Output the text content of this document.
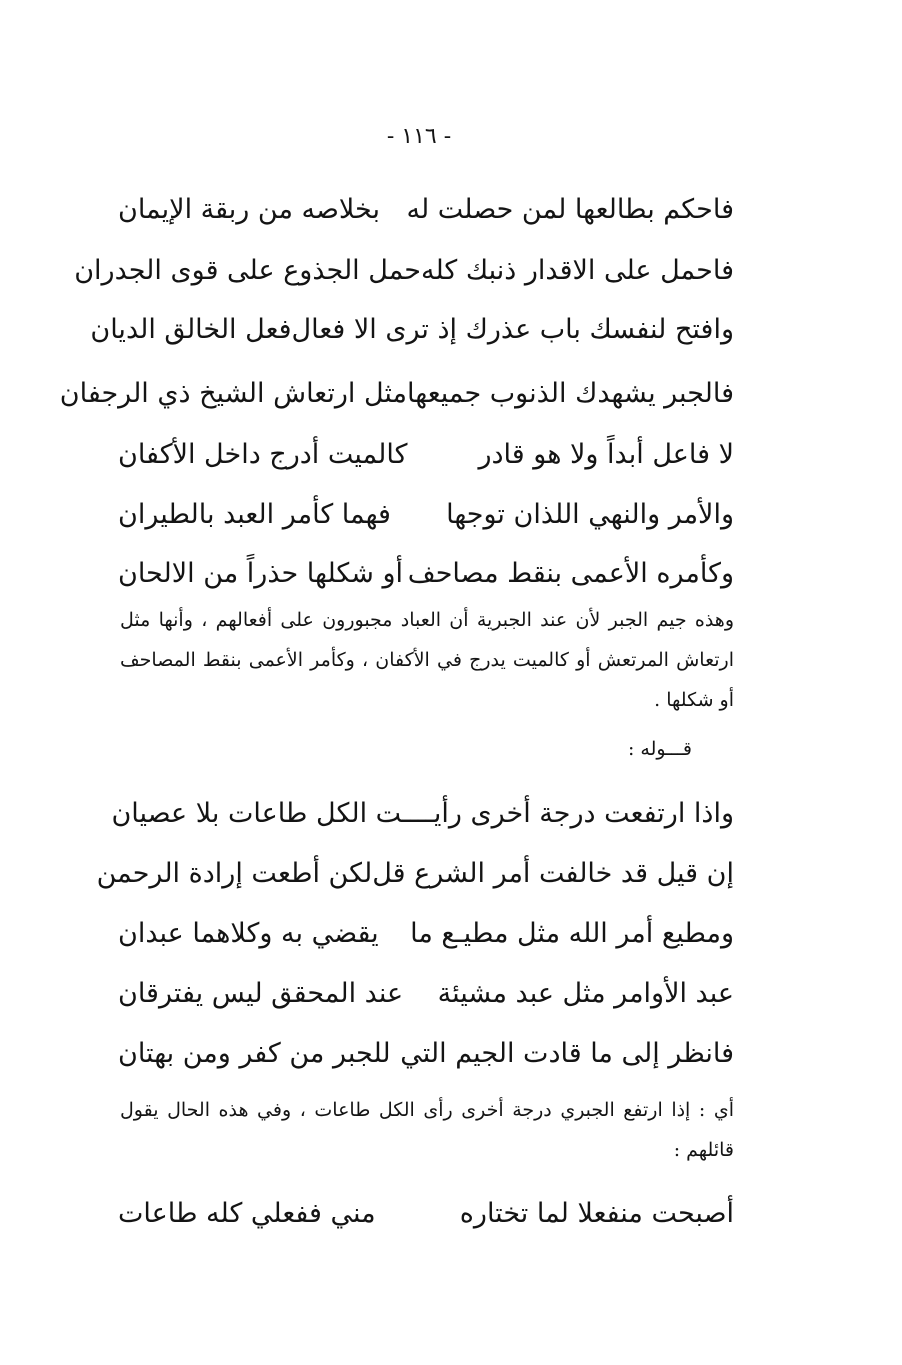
- ١١٦ -
فاحكم بطالعها لمن حصلت له
بخلاصه من ربقة الإيمان
فاحمل على الاقدار ذنبك كله
حمل الجذوع على قوى الجدران
وافتح لنفسك باب عذرك إذ ترى الا فعال
فعل الخالق الديان
فالجبر يشهدك الذنوب جميعها
مثل ارتعاش الشيخ ذي الرجفان
لا فاعل أبداً ولا هو قادر
كالميت أدرج داخل الأكفان
والأمر والنهي اللذان توجها
فهما كأمر العبد بالطيران
وكأمره الأعمى بنقط مصاحف
أو شكلها حذراً من الالحان
وهذه جيم الجبر لأن عند الجبرية أن العباد مجبورون على أفعالهم ، وأنها مثل ارتعاش المرتعش أو كالميت يدرج في الأكفان ، وكأمر الأعمى بنقط المصاحف أو شكلها .
قـــوله :
واذا ارتفعت درجة أخرى رأيـــ
ـت الكل طاعات بلا عصيان
إن قيل قد خالفت أمر الشرع قل
لكن أطعت إرادة الرحمن
ومطيع أمر الله مثل مطيـع ما
يقضي به وكلاهما عبدان
عبد الأوامر مثل عبد مشيئة
عند المحقق ليس يفترقان
فانظر إلى ما قادت الجيم التي
للجبر من كفر ومن بهتان
أي : إذا ارتفع الجبري درجة أخرى رأى الكل طاعات ، وفي هذه الحال يقول قائلهم :
أصبحت منفعلا لما تختاره
مني ففعلي كله طاعات
